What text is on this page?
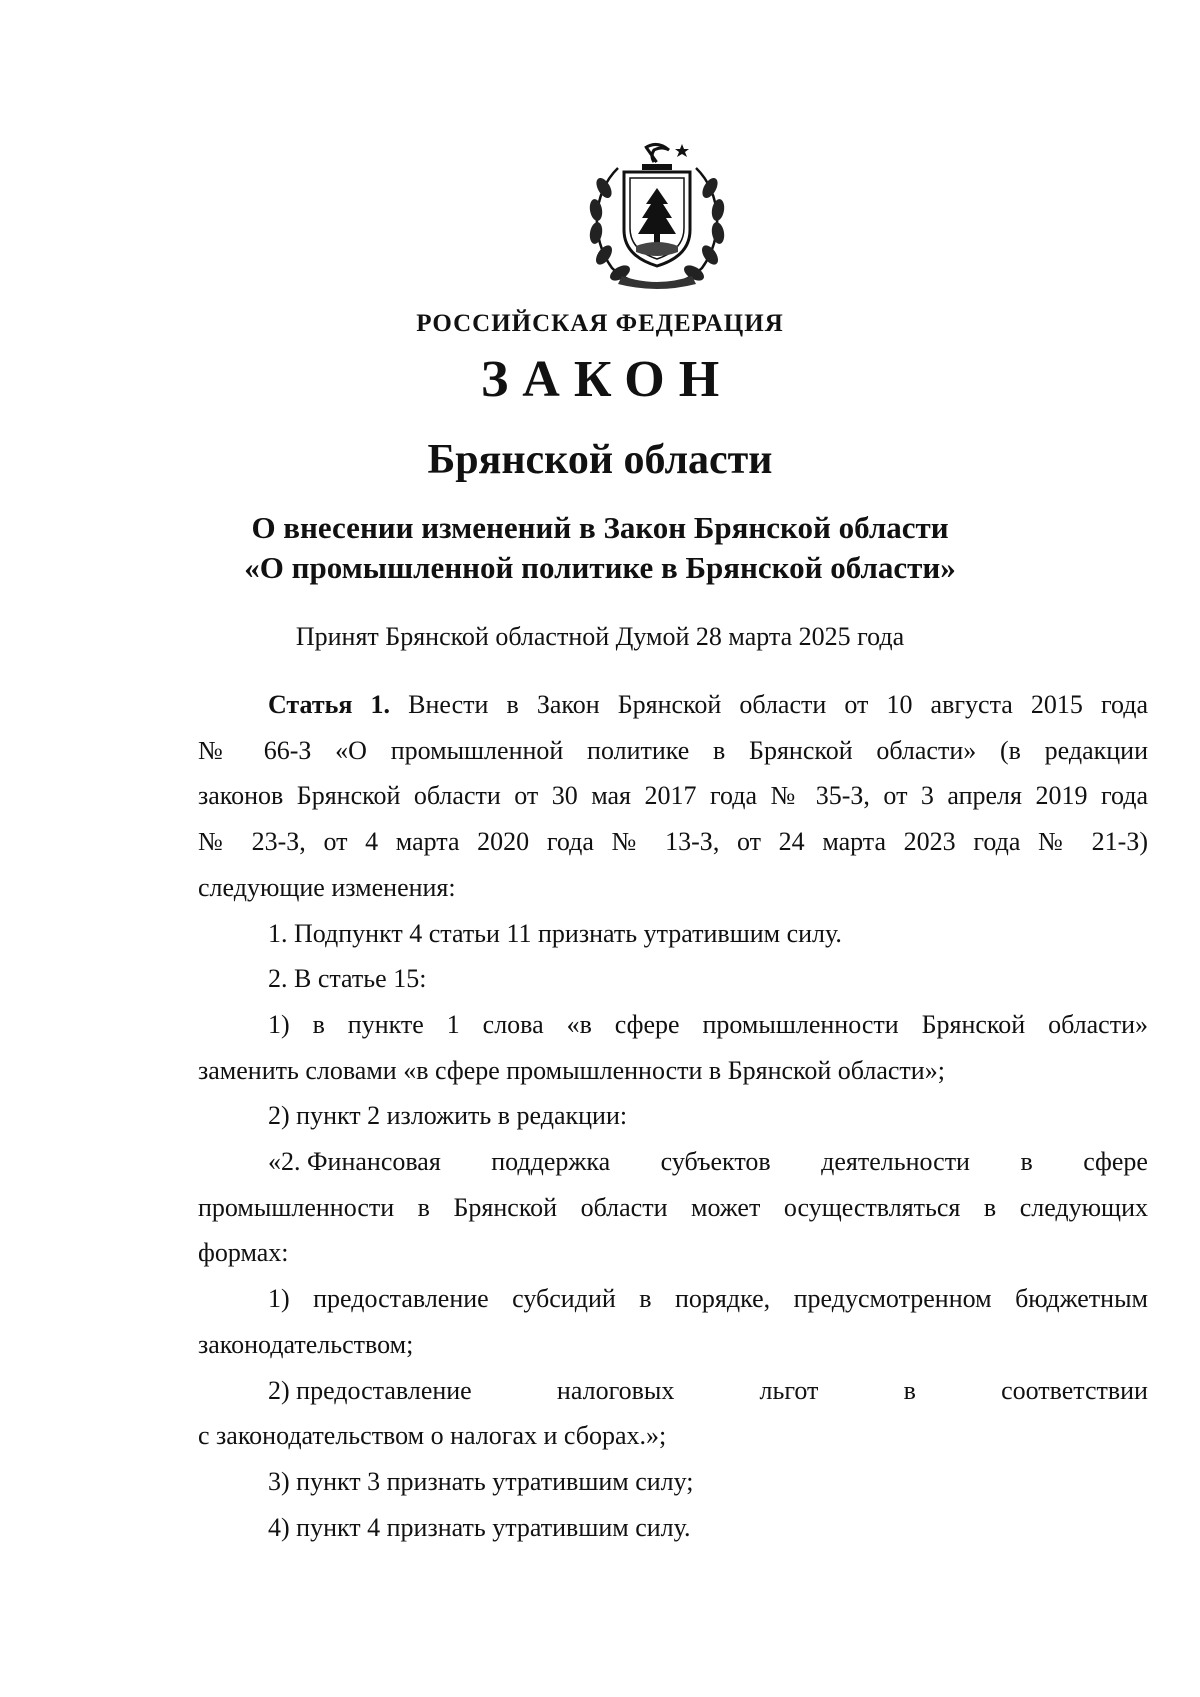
РОССИЙСКАЯ ФЕДЕРАЦИЯ
ЗАКОН
Брянской области
О внесении изменений в Закон Брянской области
«О промышленной политике в Брянской области»
Принят Брянской областной Думой 28 марта 2025 года

Статья 1. Внести в Закон Брянской области от 10 августа 2015 года

№ 66-З «О промышленной политике в Брянской области» (в редакции

законов Брянской области от 30 мая 2017 года № 35-З, от 3 апреля 2019 года

№ 23-З, от 4 марта 2020 года № 13-З, от 24 марта 2023 года № 21-З)

следующие изменения:

1. Подпункт 4 статьи 11 признать утратившим силу.

2. В статье 15:

1) в пункте 1 слова «в сфере промышленности Брянской области»

заменить словами «в сфере промышленности в Брянской области»;

2) пункт 2 изложить в редакции:

«2. Финансовая поддержка субъектов деятельности в сфере

промышленности в Брянской области может осуществляться в следующих

формах:

1) предоставление субсидий в порядке, предусмотренном бюджетным

законодательством;

2) предоставление	налоговых	льгот	в	соответствии

с законодательством о налогах и сборах.»;

3) пункт 3 признать утратившим силу;

4) пункт 4 признать утратившим силу.
